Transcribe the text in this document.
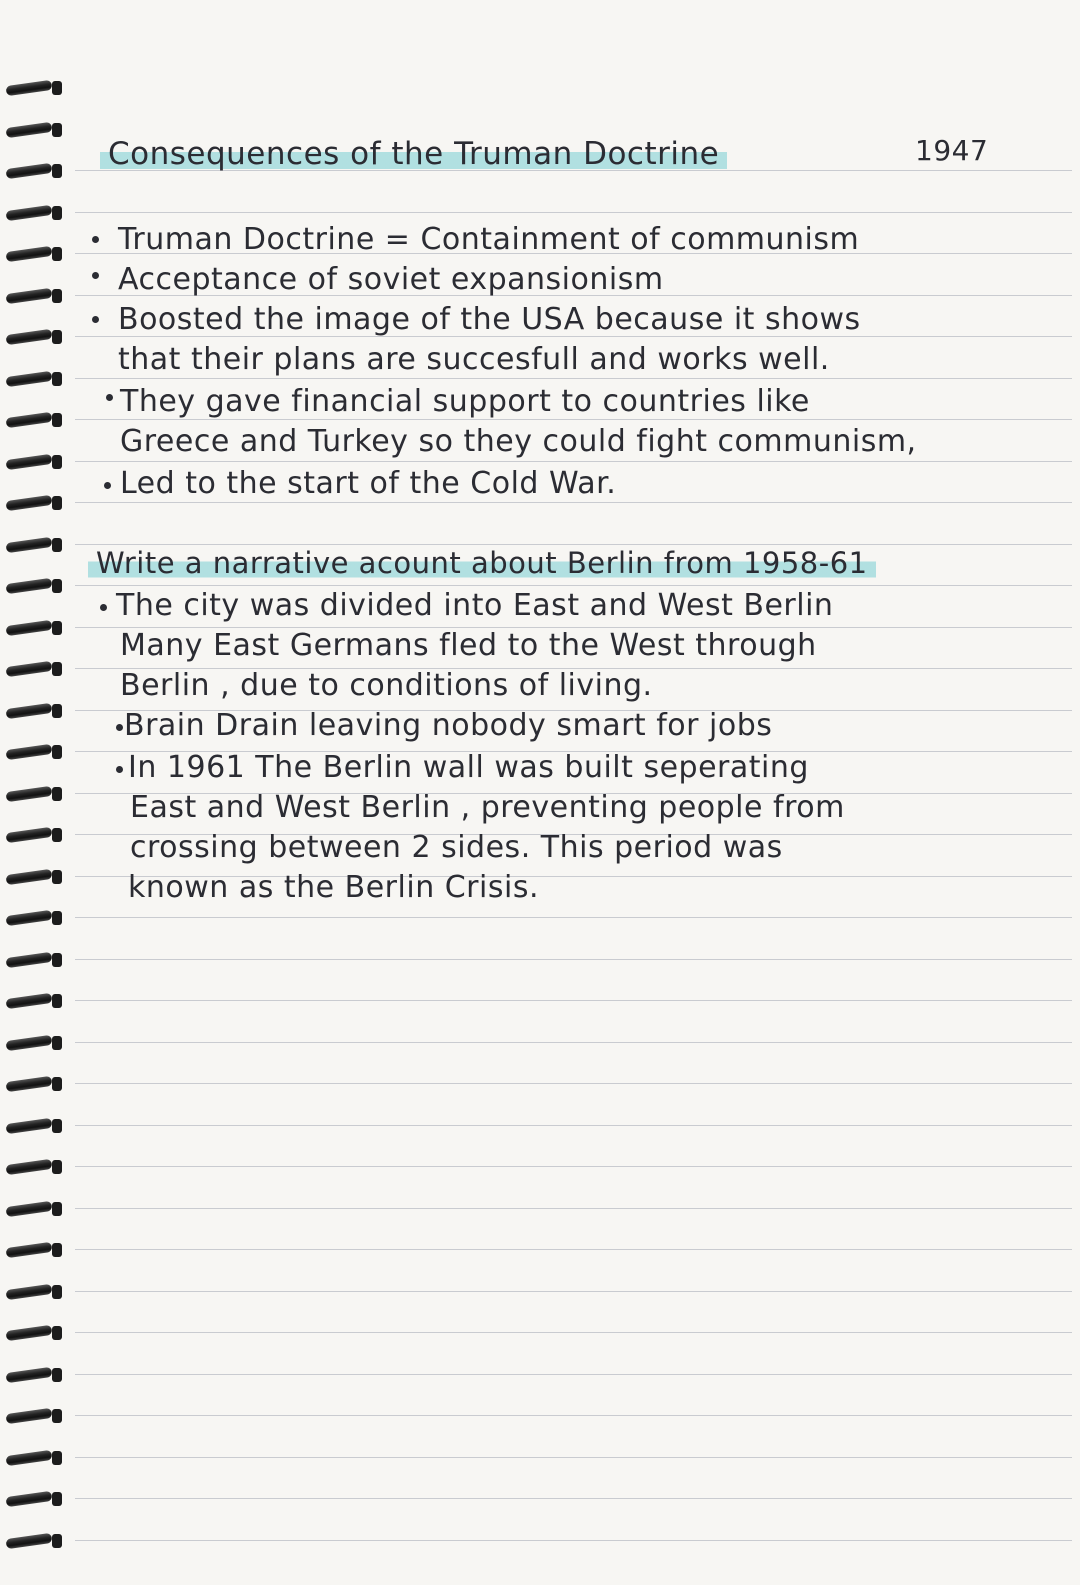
Consequences of the Truman Doctrine	1947
Truman Doctrine = Containment of communism
Acceptance of soviet expansionism
Boosted the image of the USA because it shows
that their plans are succesfull and works well.
They gave financial support to countries like
Greece and Turkey so they could fight communism,
Led to the start of the Cold War.
Write a narrative acount about Berlin from 1958-61
The city was divided into East and West Berlin
Many East Germans fled to the West through
Berlin , due to conditions of living.
Brain Drain leaving nobody smart for jobs
In 1961 The Berlin wall was built seperating
East and West Berlin , preventing people from
crossing between 2 sides. This period was
known as the Berlin Crisis.
